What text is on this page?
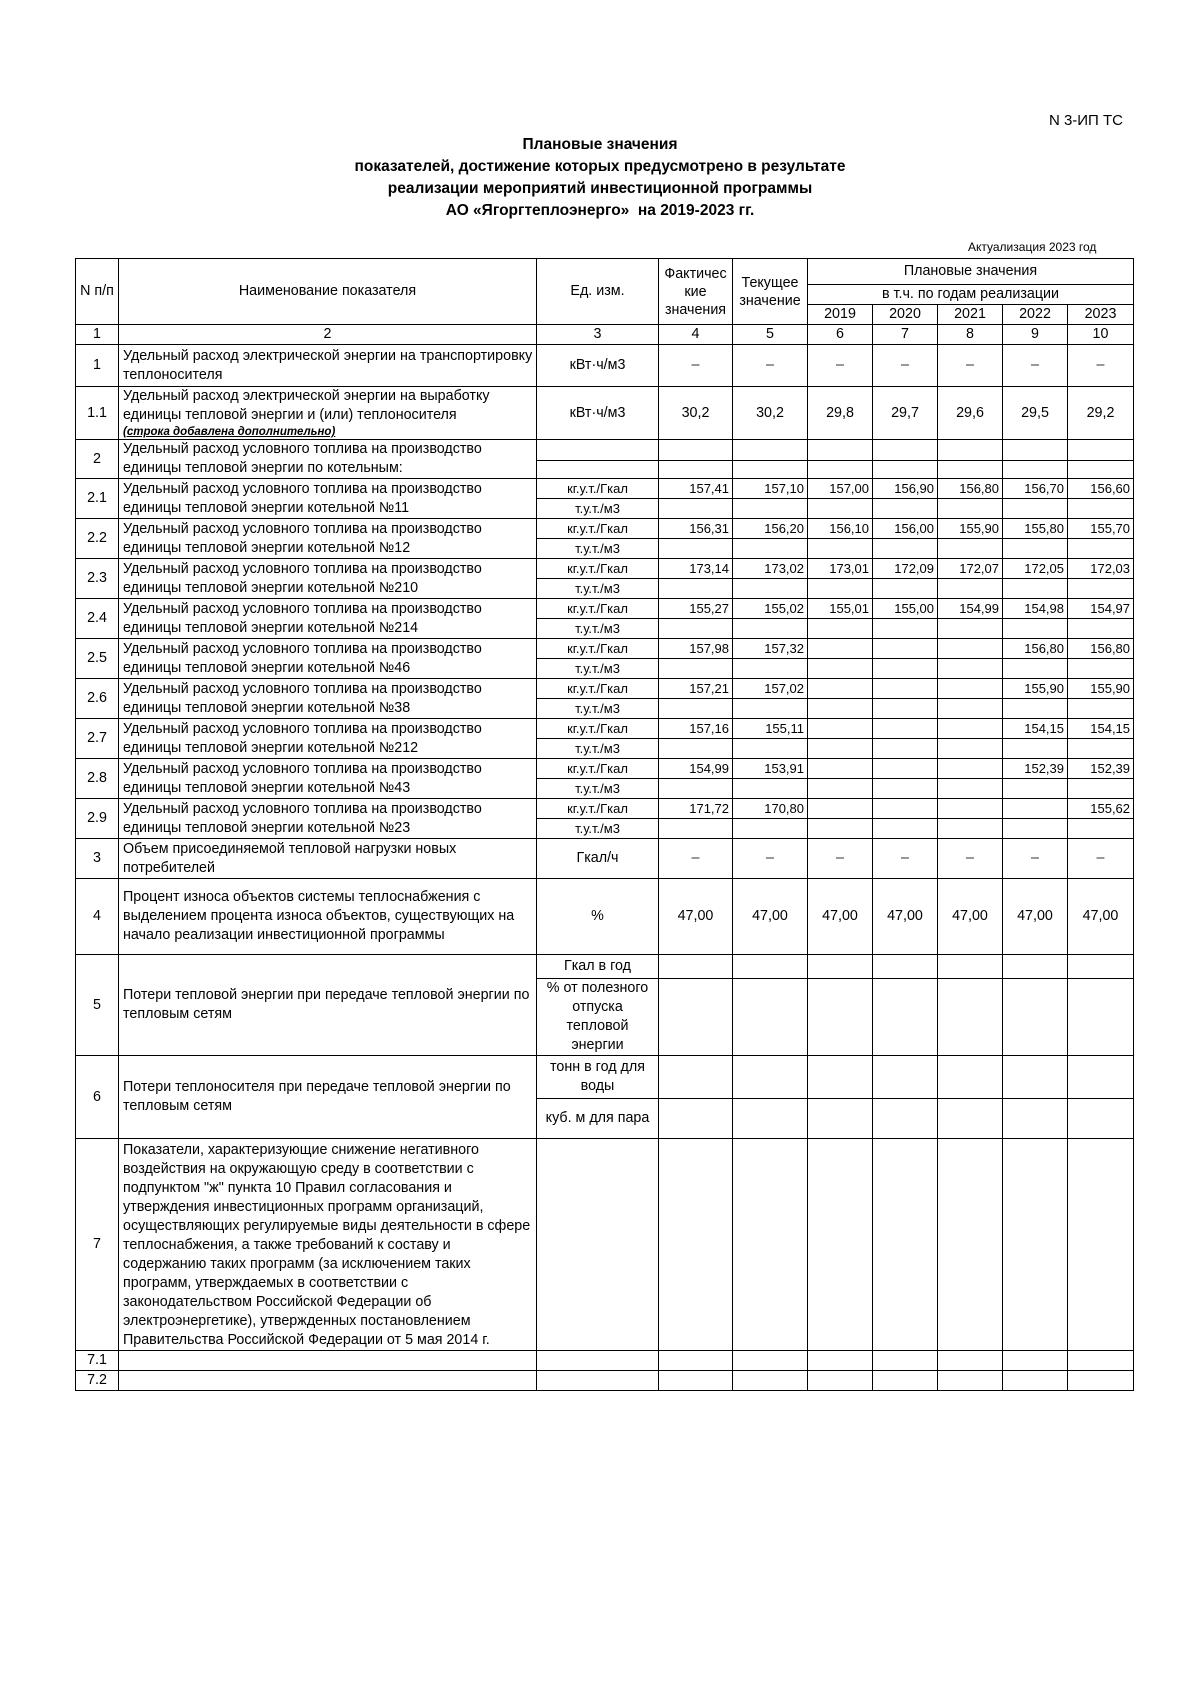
N 3-ИП ТС
Плановые значения
показателей, достижение которых предусмотрено в результате
реализации мероприятий инвестиционной программы
АО «Ягоргтеплоэнерго»  на 2019-2023 гг.
Актуализация 2023 год
N п/п	Наименование показателя	Ед. изм.	Фактичес кие значения	Текущее значение	Плановые значения				
					в т.ч. по годам реализации				
					2019	2020	2021	2022	2023
1	2	3	4	5	6	7	8	9	10
1	Удельный расход электрической энергии на транспортировку теплоносителя	кВт·ч/м3	–	–	–	–	–	–	–
1.1	Удельный расход электрической энергии на выработку единицы тепловой энергии и (или) теплоносителя
(строка добавлена дополнительно)	кВт·ч/м3	30,2	30,2	29,8	29,7	29,6	29,5	29,2
2	Удельный расход условного топлива на производство единицы тепловой энергии по котельным:								

2.1	Удельный расход условного топлива на производство единицы тепловой энергии котельной №11	кг.у.т./Гкал	157,41	157,10	157,00	156,90	156,80	156,70	156,60
		т.у.т./м3							
2.2	Удельный расход условного топлива на производство единицы тепловой энергии котельной №12	кг.у.т./Гкал	156,31	156,20	156,10	156,00	155,90	155,80	155,70
		т.у.т./м3							
2.3	Удельный расход условного топлива на производство единицы тепловой энергии котельной №210	кг.у.т./Гкал	173,14	173,02	173,01	172,09	172,07	172,05	172,03
		т.у.т./м3							
2.4	Удельный расход условного топлива на производство единицы тепловой энергии котельной №214	кг.у.т./Гкал	155,27	155,02	155,01	155,00	154,99	154,98	154,97
		т.у.т./м3							
2.5	Удельный расход условного топлива на производство единицы тепловой энергии котельной №46	кг.у.т./Гкал	157,98	157,32				156,80	156,80
		т.у.т./м3							
2.6	Удельный расход условного топлива на производство единицы тепловой энергии котельной №38	кг.у.т./Гкал	157,21	157,02				155,90	155,90
		т.у.т./м3							
2.7	Удельный расход условного топлива на производство единицы тепловой энергии котельной №212	кг.у.т./Гкал	157,16	155,11				154,15	154,15
		т.у.т./м3							
2.8	Удельный расход условного топлива на производство единицы тепловой энергии котельной №43	кг.у.т./Гкал	154,99	153,91				152,39	152,39
		т.у.т./м3							
2.9	Удельный расход условного топлива на производство единицы тепловой энергии котельной №23	кг.у.т./Гкал	171,72	170,80					155,62
		т.у.т./м3							
3	Объем присоединяемой тепловой нагрузки новых потребителей	Гкал/ч	–	–	–	–	–	–	–
4	Процент износа объектов системы теплоснабжения с выделением процента износа объектов, существующих на начало реализации инвестиционной программы	%	47,00	47,00	47,00	47,00	47,00	47,00	47,00
5	Потери тепловой энергии при передаче тепловой энергии по тепловым сетям	Гкал в год							
		% от полезного отпуска тепловой энергии							
6	Потери теплоносителя при передаче тепловой энергии по тепловым сетям	тонн в год для воды							
		куб. м для пара							
7	Показатели, характеризующие снижение негативного воздействия на окружающую среду в соответствии с подпунктом "ж" пункта 10 Правил согласования и утверждения инвестиционных программ организаций, осуществляющих регулируемые виды деятельности в сфере теплоснабжения, а также требований к составу и содержанию таких программ (за исключением таких программ, утверждаемых в соответствии с законодательством Российской Федерации об электроэнергетике), утвержденных постановлением Правительства Российской Федерации от 5 мая 2014 г.								
7.1									
7.2									
